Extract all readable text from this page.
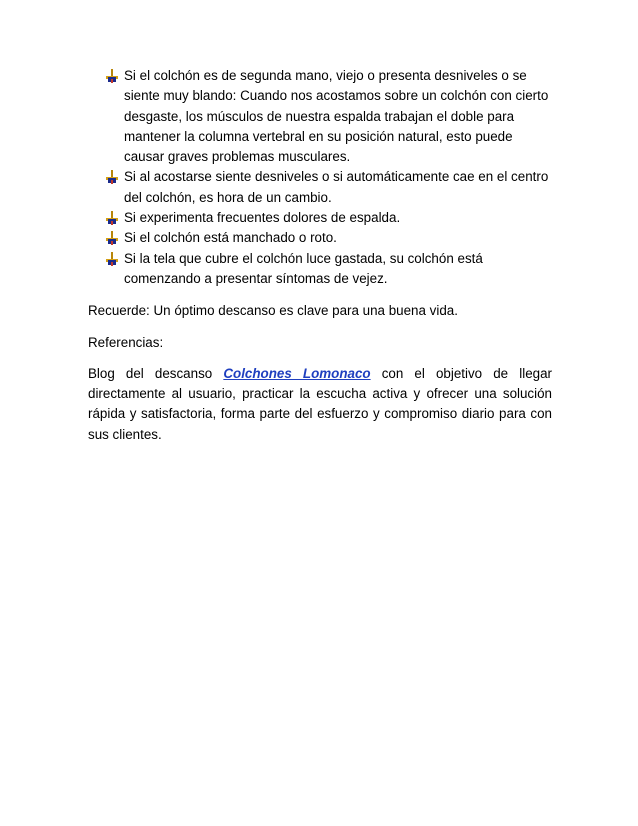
Si el colchón es de segunda mano, viejo o presenta desniveles o se siente muy blando: Cuando nos acostamos sobre un colchón con cierto desgaste, los músculos de nuestra espalda trabajan el doble para mantener la columna vertebral en su posición natural, esto puede causar graves problemas musculares.
Si al acostarse siente desniveles o si automáticamente cae en el centro del colchón, es hora de un cambio.
Si experimenta frecuentes dolores de espalda.
Si el colchón está manchado o roto.
Si la tela que cubre el colchón luce gastada, su colchón está comenzando a presentar síntomas de vejez.

Recuerde: Un óptimo descanso es clave para una buena vida.

Referencias:

Blog del descanso Colchones Lomonaco con el objetivo de llegar directamente al usuario, practicar la escucha activa y ofrecer una solución rápida y satisfactoria, forma parte del esfuerzo y compromiso diario para con sus clientes.
